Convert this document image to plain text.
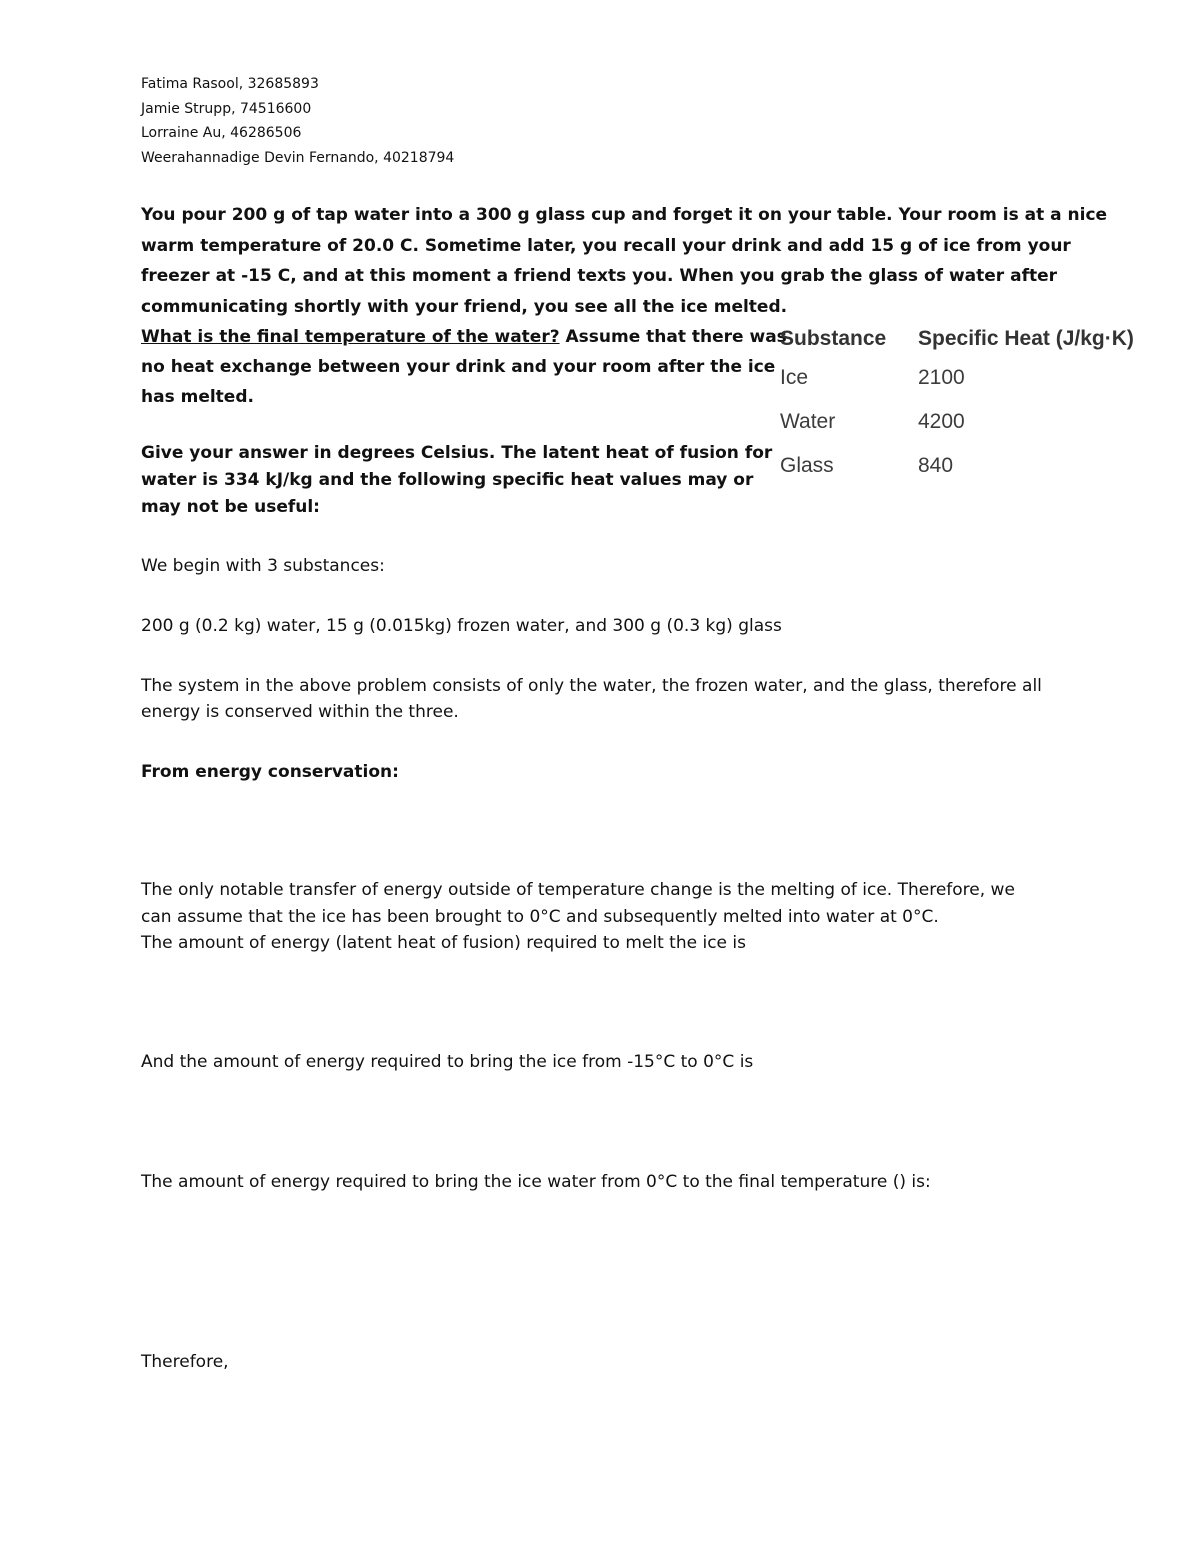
Fatima Rasool, 32685893
Jamie Strupp, 74516600
Lorraine Au, 46286506
Weerahannadige Devin Fernando, 40218794
You pour 200 g of tap water into a 300 g glass cup and forget it on your table. Your room is at a nice
warm temperature of 20.0 C. Sometime later, you recall your drink and add 15 g of ice from your
freezer at -15 C, and at this moment a friend texts you. When you grab the glass of water after
communicating shortly with your friend, you see all the ice melted.
What is the final temperature of the water? Assume that there was
no heat exchange between your drink and your room after the ice
has melted.
Give your answer in degrees Celsius. The latent heat of fusion for
water is 334 kJ/kg and the following specific heat values may or
may not be useful:
Substance	Specific Heat (J/kg·K)
Ice	2100
Water	4200
Glass	840
We begin with 3 substances:
200 g (0.2 kg) water, 15 g (0.015kg) frozen water, and 300 g (0.3 kg) glass
The system in the above problem consists of only the water, the frozen water, and the glass, therefore all
energy is conserved within the three.
From energy conservation:
The only notable transfer of energy outside of temperature change is the melting of ice. Therefore, we
can assume that the ice has been brought to 0°C and subsequently melted into water at 0°C.
The amount of energy (latent heat of fusion) required to melt the ice is
And the amount of energy required to bring the ice from -15°C to 0°C is
The amount of energy required to bring the ice water from 0°C to the final temperature () is:
Therefore,
